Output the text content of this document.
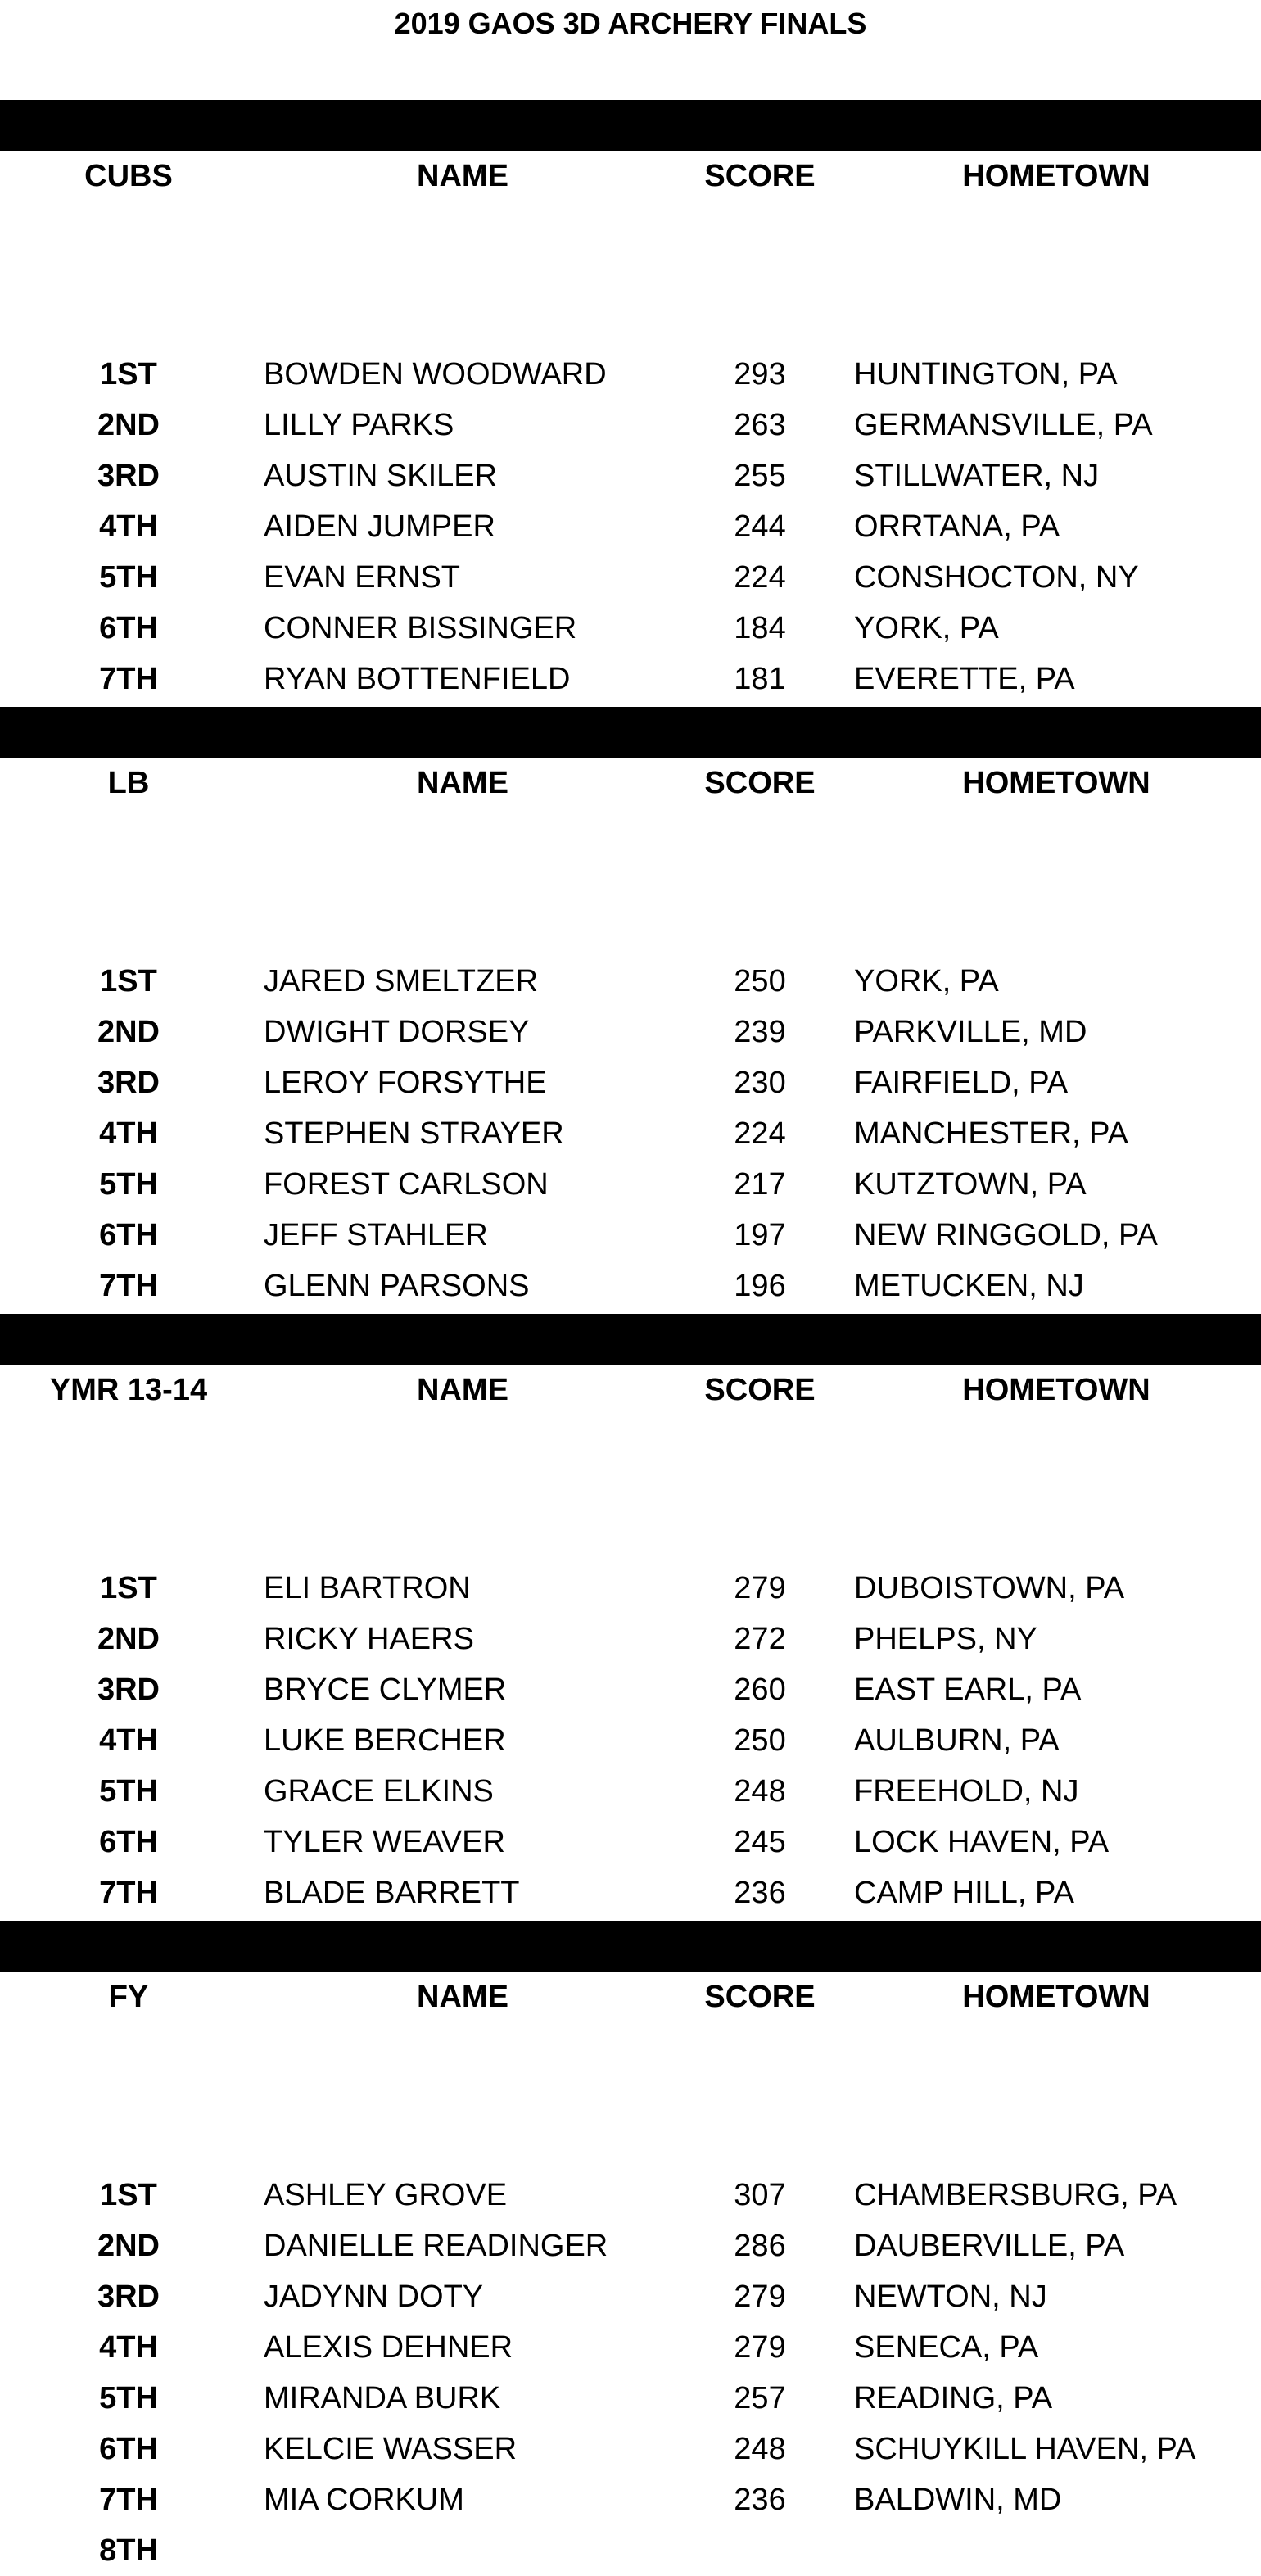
2019 GAOS 3D ARCHERY FINALS
CUBS	NAME	SCORE	HOMETOWN
1ST	BOWDEN WOODWARD	293	HUNTINGTON, PA
2ND	LILLY PARKS	263	GERMANSVILLE, PA
3RD	AUSTIN SKILER	255	STILLWATER, NJ
4TH	AIDEN JUMPER	244	ORRTANA, PA
5TH	EVAN ERNST	224	CONSHOCTON, NY
6TH	CONNER BISSINGER	184	YORK, PA
7TH	RYAN BOTTENFIELD	181	EVERETTE, PA
LB	NAME	SCORE	HOMETOWN
1ST	JARED SMELTZER	250	YORK, PA
2ND	DWIGHT DORSEY	239	PARKVILLE, MD
3RD	LEROY FORSYTHE	230	FAIRFIELD, PA
4TH	STEPHEN STRAYER	224	MANCHESTER, PA
5TH	FOREST CARLSON	217	KUTZTOWN, PA
6TH	JEFF STAHLER	197	NEW RINGGOLD, PA
7TH	GLENN PARSONS	196	METUCKEN, NJ
YMR 13-14	NAME	SCORE	HOMETOWN
1ST	ELI BARTRON	279	DUBOISTOWN, PA
2ND	RICKY HAERS	272	PHELPS, NY
3RD	BRYCE CLYMER	260	EAST EARL, PA
4TH	LUKE BERCHER	250	AULBURN, PA
5TH	GRACE ELKINS	248	FREEHOLD, NJ
6TH	TYLER WEAVER	245	LOCK HAVEN, PA
7TH	BLADE BARRETT	236	CAMP HILL, PA
FY	NAME	SCORE	HOMETOWN
1ST	ASHLEY GROVE	307	CHAMBERSBURG, PA
2ND	DANIELLE READINGER	286	DAUBERVILLE, PA
3RD	JADYNN DOTY	279	NEWTON, NJ
4TH	ALEXIS DEHNER	279	SENECA, PA
5TH	MIRANDA BURK	257	READING, PA
6TH	KELCIE WASSER	248	SCHUYKILL HAVEN, PA
7TH	MIA CORKUM	236	BALDWIN, MD
8TH
